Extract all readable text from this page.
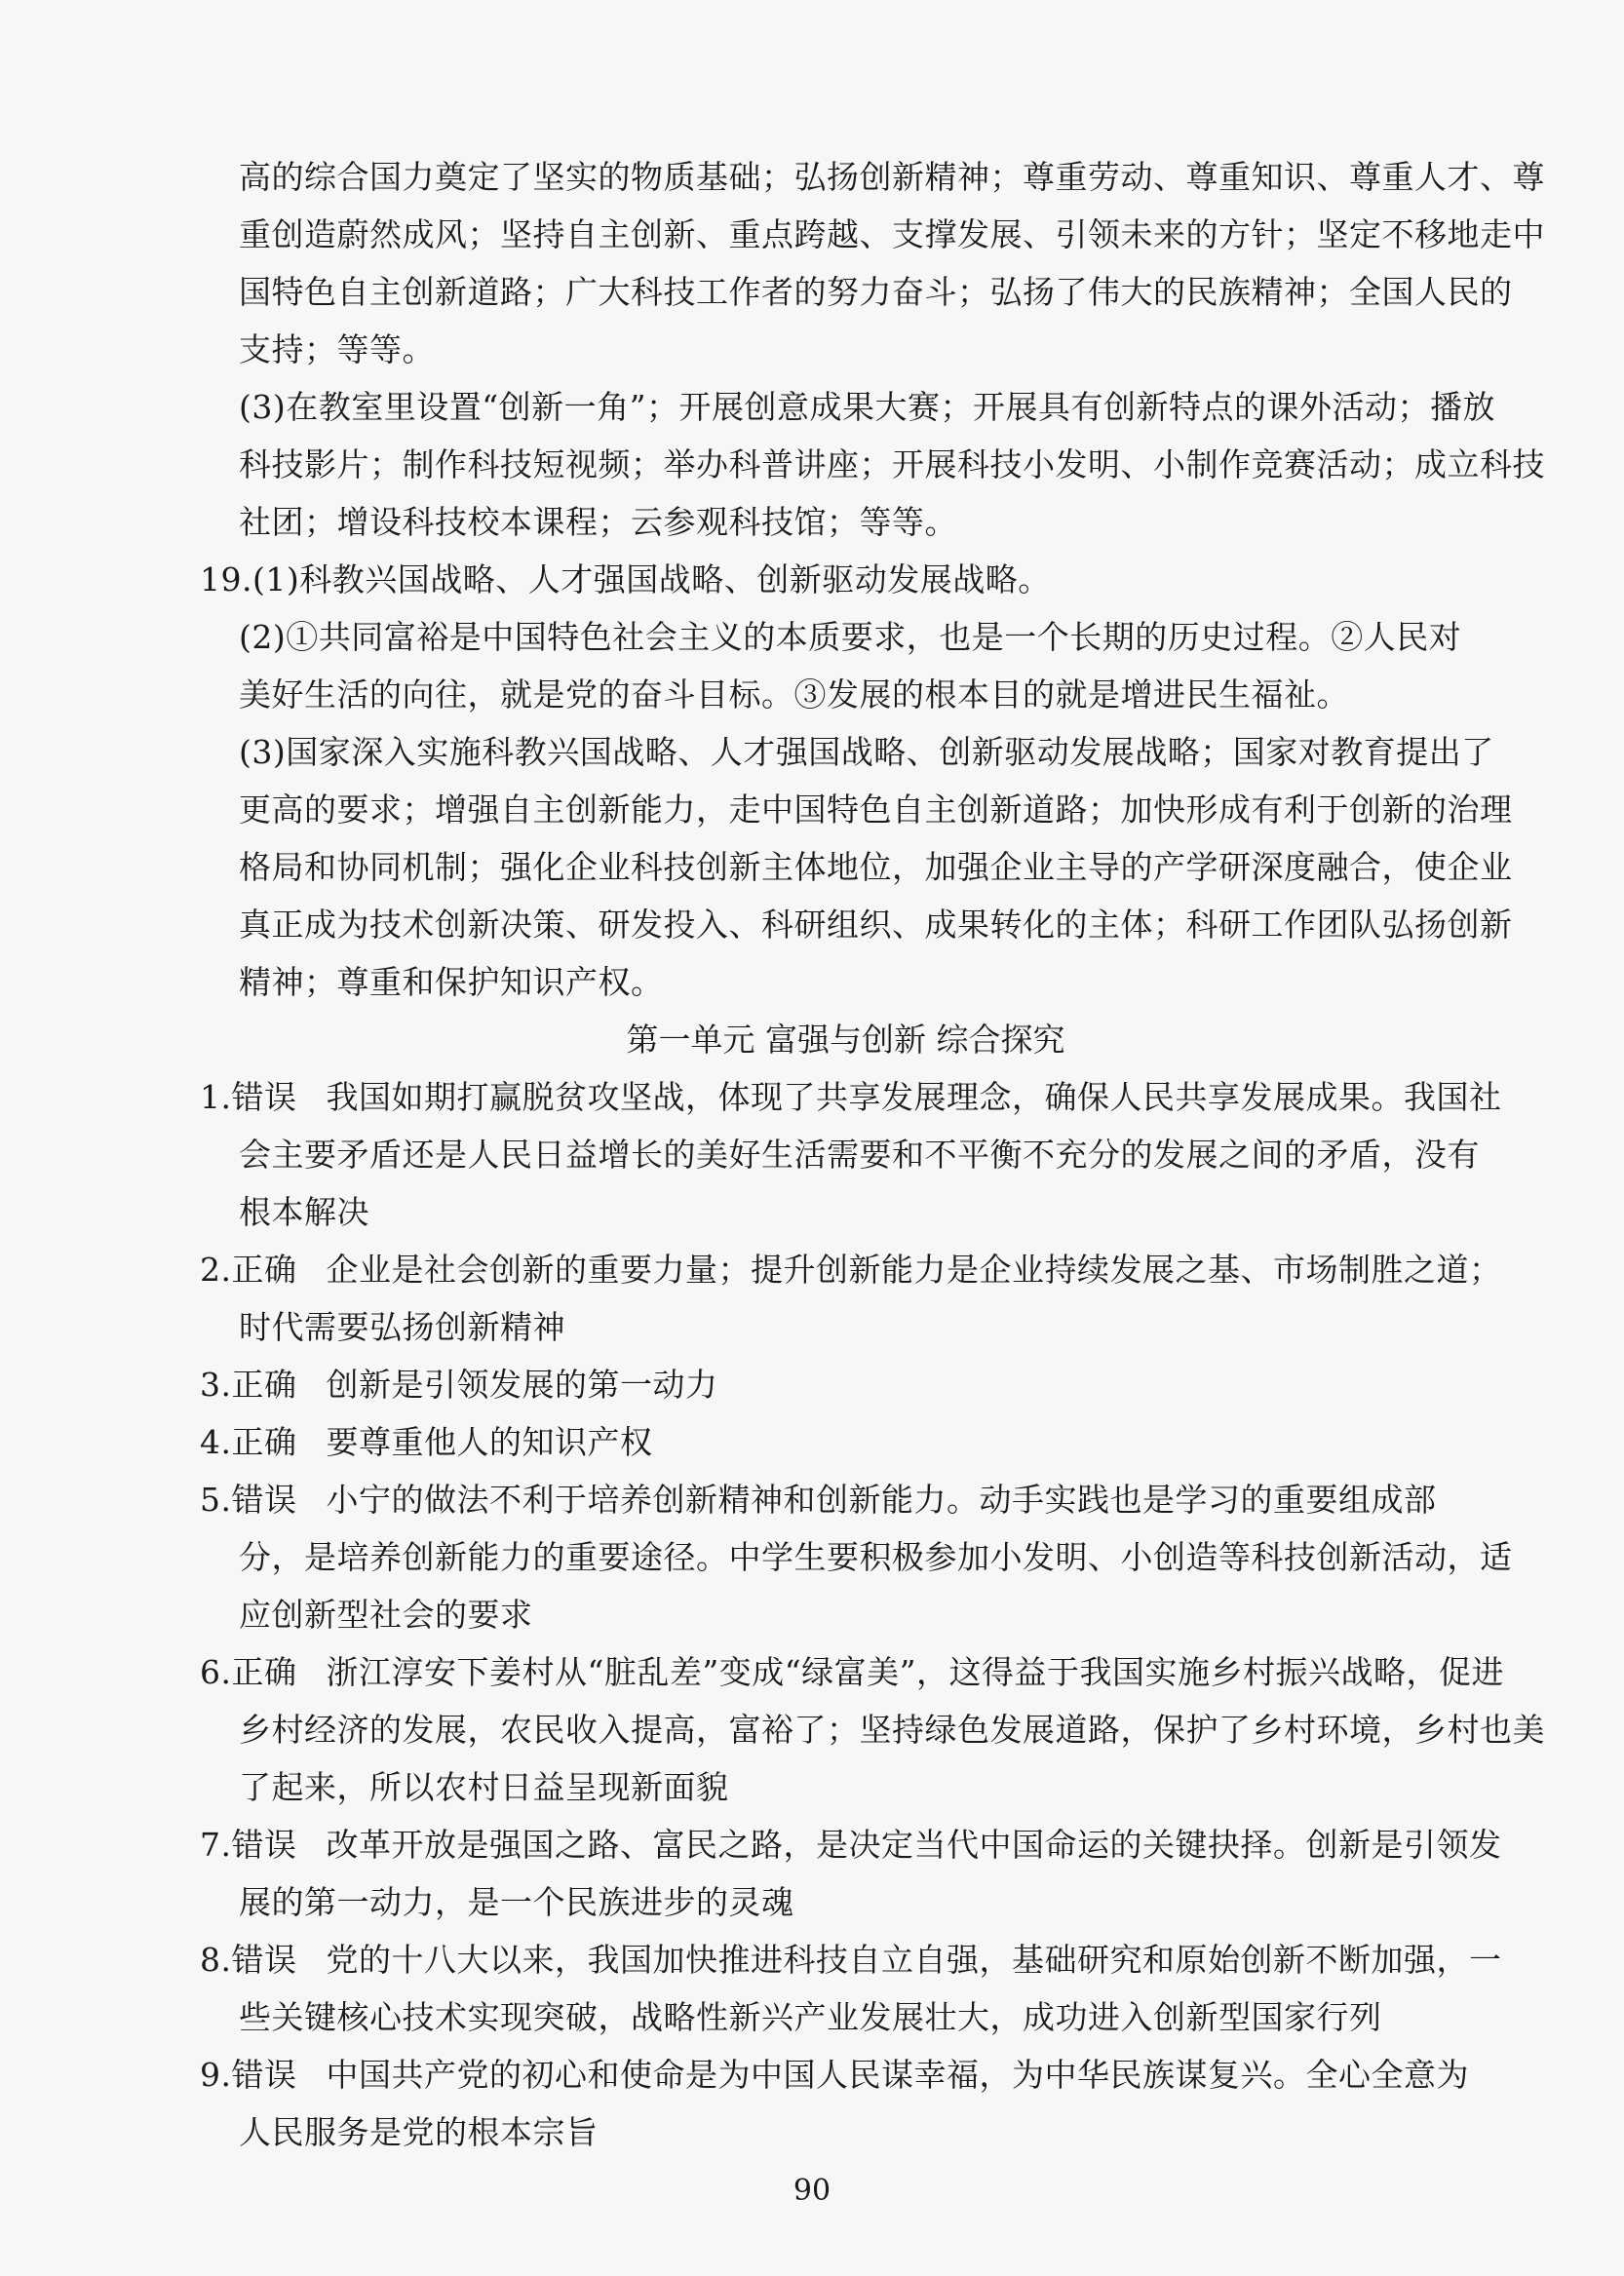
高的综合国力奠定了坚实的物质基础；弘扬创新精神；尊重劳动、尊重知识、尊重人才、尊
重创造蔚然成风；坚持自主创新、重点跨越、支撑发展、引领未来的方针；坚定不移地走中
国特色自主创新道路；广大科技工作者的努力奋斗；弘扬了伟大的民族精神；全国人民的
支持；等等。
(3)在教室里设置“创新一角”；开展创意成果大赛；开展具有创新特点的课外活动；播放
科技影片；制作科技短视频；举办科普讲座；开展科技小发明、小制作竞赛活动；成立科技
社团；增设科技校本课程；云参观科技馆；等等。
19.(1)科教兴国战略、人才强国战略、创新驱动发展战略。
(2)①共同富裕是中国特色社会主义的本质要求，也是一个长期的历史过程。②人民对
美好生活的向往，就是党的奋斗目标。③发展的根本目的就是增进民生福祉。
(3)国家深入实施科教兴国战略、人才强国战略、创新驱动发展战略；国家对教育提出了
更高的要求；增强自主创新能力，走中国特色自主创新道路；加快形成有利于创新的治理
格局和协同机制；强化企业科技创新主体地位，加强企业主导的产学研深度融合，使企业
真正成为技术创新决策、研发投入、科研组织、成果转化的主体；科研工作团队弘扬创新
精神；尊重和保护知识产权。
第一单元 富强与创新 综合探究
1.错误 我国如期打赢脱贫攻坚战，体现了共享发展理念，确保人民共享发展成果。我国社
会主要矛盾还是人民日益增长的美好生活需要和不平衡不充分的发展之间的矛盾，没有
根本解决
2.正确 企业是社会创新的重要力量；提升创新能力是企业持续发展之基、市场制胜之道；
时代需要弘扬创新精神
3.正确 创新是引领发展的第一动力
4.正确 要尊重他人的知识产权
5.错误 小宁的做法不利于培养创新精神和创新能力。动手实践也是学习的重要组成部
分，是培养创新能力的重要途径。中学生要积极参加小发明、小创造等科技创新活动，适
应创新型社会的要求
6.正确 浙江淳安下姜村从“脏乱差”变成“绿富美”，这得益于我国实施乡村振兴战略，促进
乡村经济的发展，农民收入提高，富裕了；坚持绿色发展道路，保护了乡村环境，乡村也美
了起来，所以农村日益呈现新面貌
7.错误 改革开放是强国之路、富民之路，是决定当代中国命运的关键抉择。创新是引领发
展的第一动力，是一个民族进步的灵魂
8.错误 党的十八大以来，我国加快推进科技自立自强，基础研究和原始创新不断加强，一
些关键核心技术实现突破，战略性新兴产业发展壮大，成功进入创新型国家行列
9.错误 中国共产党的初心和使命是为中国人民谋幸福，为中华民族谋复兴。全心全意为
人民服务是党的根本宗旨
90
